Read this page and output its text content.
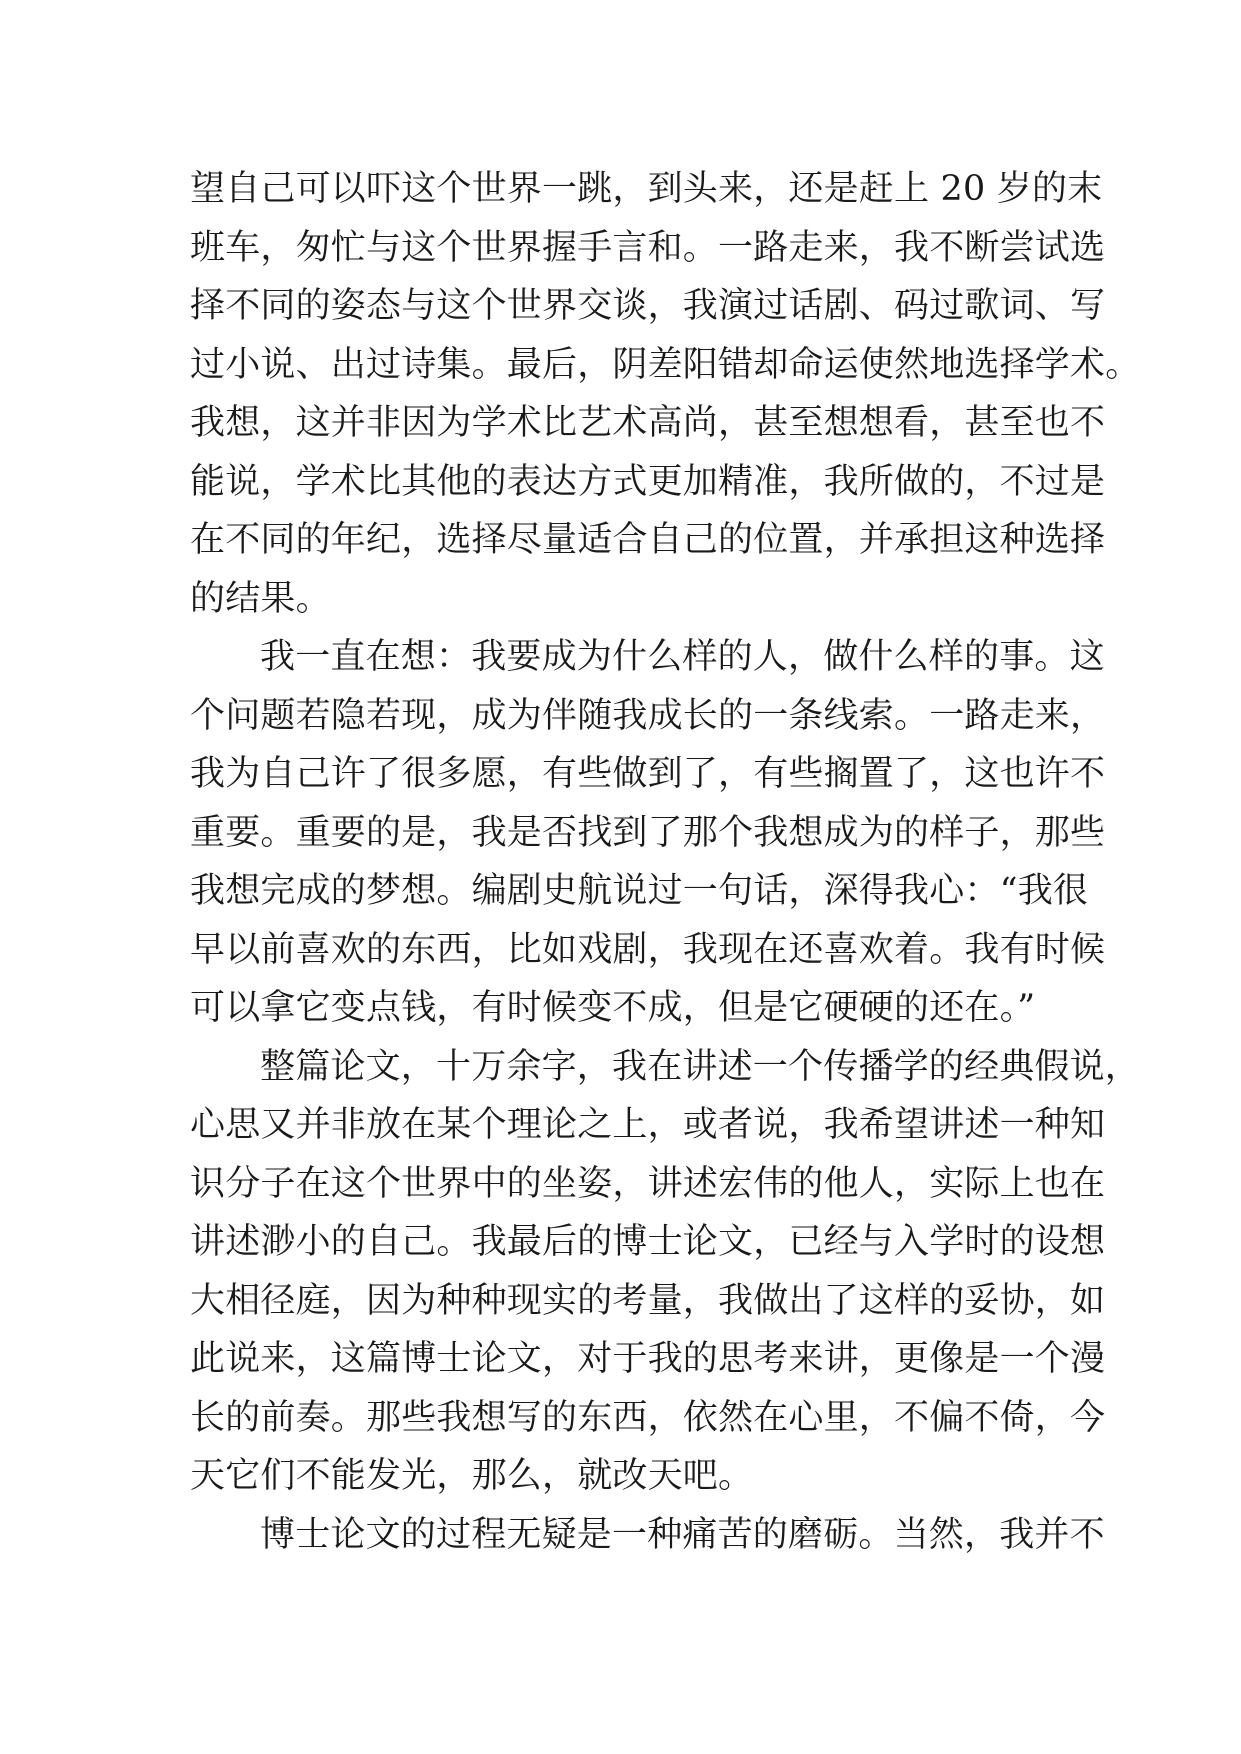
望自己可以吓这个世界一跳，到头来，还是赶上 20 岁的末
班车，匆忙与这个世界握手言和。一路走来，我不断尝试选
择不同的姿态与这个世界交谈，我演过话剧、码过歌词、写
过小说、出过诗集。最后，阴差阳错却命运使然地选择学术。
我想，这并非因为学术比艺术高尚，甚至想想看，甚至也不
能说，学术比其他的表达方式更加精准，我所做的，不过是
在不同的年纪，选择尽量适合自己的位置，并承担这种选择
的结果。
我一直在想：我要成为什么样的人，做什么样的事。这
个问题若隐若现，成为伴随我成长的一条线索。一路走来，
我为自己许了很多愿，有些做到了，有些搁置了，这也许不
重要。重要的是，我是否找到了那个我想成为的样子，那些
我想完成的梦想。编剧史航说过一句话，深得我心：“我很
早以前喜欢的东西，比如戏剧，我现在还喜欢着。我有时候
可以拿它变点钱，有时候变不成，但是它硬硬的还在。”
整篇论文，十万余字，我在讲述一个传播学的经典假说，
心思又并非放在某个理论之上，或者说，我希望讲述一种知
识分子在这个世界中的坐姿，讲述宏伟的他人，实际上也在
讲述渺小的自己。我最后的博士论文，已经与入学时的设想
大相径庭，因为种种现实的考量，我做出了这样的妥协，如
此说来，这篇博士论文，对于我的思考来讲，更像是一个漫
长的前奏。那些我想写的东西，依然在心里，不偏不倚，今
天它们不能发光，那么，就改天吧。
博士论文的过程无疑是一种痛苦的磨砺。当然，我并不
